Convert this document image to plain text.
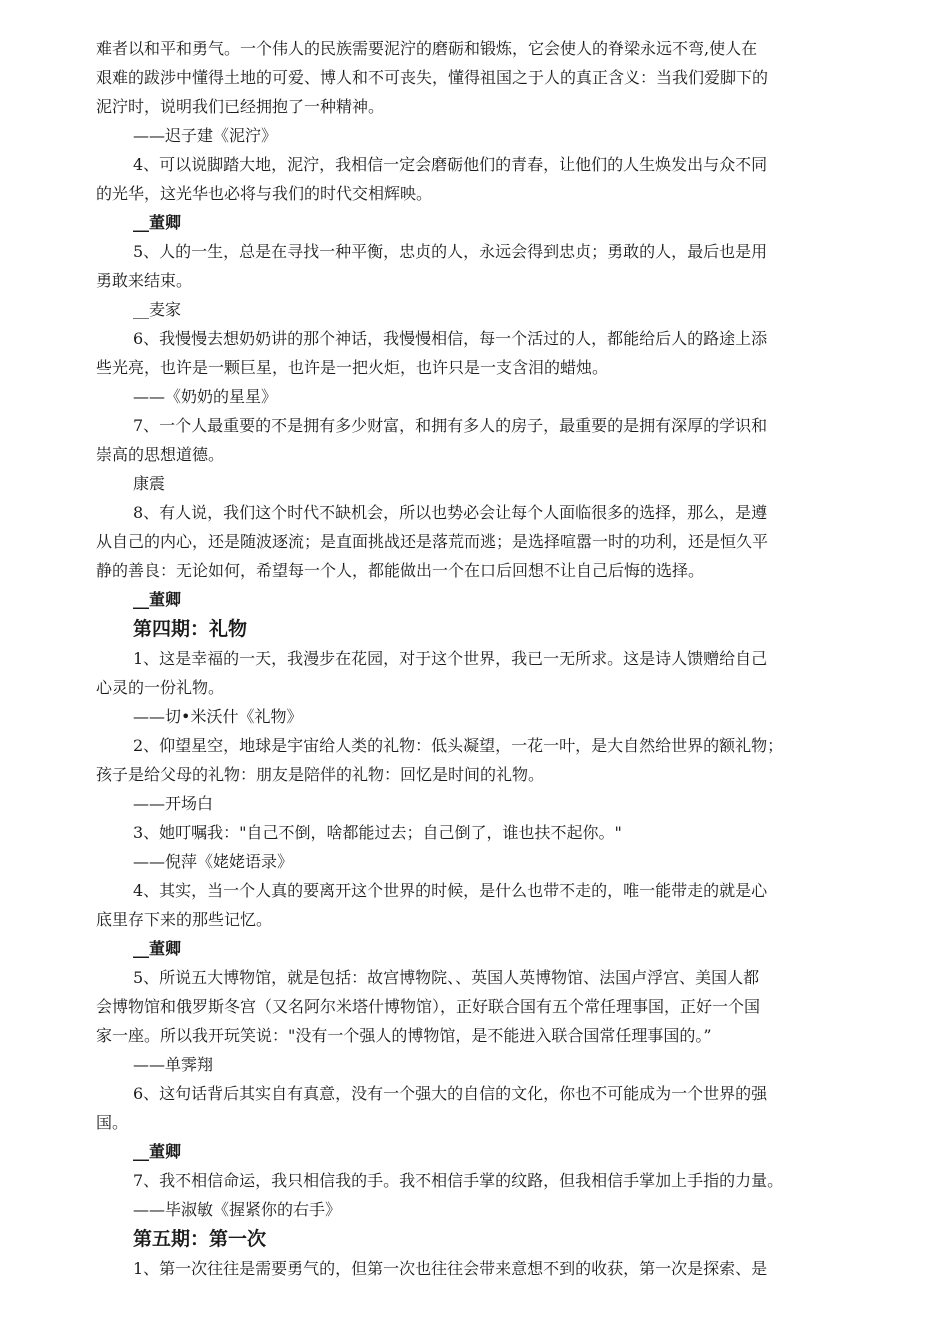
难者以和平和勇气。一个伟人的民族需要泥泞的磨砺和锻炼，它会使人的脊梁永远不弯,使人在
艰难的跋涉中懂得土地的可爱、博人和不可丧失，懂得祖国之于人的真正含义：当我们爱脚下的
泥泞时，说明我们已经拥抱了一种精神。
——迟子建《泥泞》
4、可以说脚踏大地，泥泞，我相信一定会磨砺他们的青春，让他们的人生焕发出与众不同
的光华，这光华也必将与我们的时代交相辉映。
__董卿
5、人的一生，总是在寻找一种平衡，忠贞的人，永远会得到忠贞；勇敢的人，最后也是用
勇敢来结束。
__麦家
6、我慢慢去想奶奶讲的那个神话，我慢慢相信，每一个活过的人，都能给后人的路途上添
些光亮，也许是一颗巨星，也许是一把火炬，也许只是一支含泪的蜡烛。
——《奶奶的星星》
7、一个人最重要的不是拥有多少财富，和拥有多人的房子，最重要的是拥有深厚的学识和
崇高的思想道德。
康震
8、有人说，我们这个时代不缺机会，所以也势必会让每个人面临很多的选择，那么，是遵
从自己的内心，还是随波逐流；是直面挑战还是落荒而逃；是选择喧嚣一时的功利，还是恒久平
静的善良：无论如何，希望每一个人，都能做出一个在口后回想不让自己后悔的选择。
__董卿
第四期：礼物
1、这是幸福的一天，我漫步在花园，对于这个世界，我已一无所求。这是诗人馈赠给自己
心灵的一份礼物。
——切•米沃什《礼物》
2、仰望星空，地球是宇宙给人类的礼物：低头凝望，一花一叶，是大自然给世界的额礼物；
孩子是给父母的礼物：朋友是陪伴的礼物：回忆是时间的礼物。
——开场白
3、她叮嘱我："自己不倒，啥都能过去；自己倒了，谁也扶不起你。"
——倪萍《姥姥语录》
4、其实，当一个人真的要离开这个世界的时候，是什么也带不走的，唯一能带走的就是心
底里存下来的那些记忆。
__董卿
5、所说五大博物馆，就是包括：故宫博物院、、英国人英博物馆、法国卢浮宫、美国人都
会博物馆和俄罗斯冬宫（又名阿尔米塔什博物馆），正好联合国有五个常任理事国，正好一个国
家一座。所以我开玩笑说："没有一个强人的博物馆，是不能进入联合国常任理事国的。”
——单霁翔
6、这句话背后其实自有真意，没有一个强大的自信的文化，你也不可能成为一个世界的强
国。
__董卿
7、我不相信命运，我只相信我的手。我不相信手掌的纹路，但我相信手掌加上手指的力量。
——毕淑敏《握紧你的右手》
第五期：第一次
1、第一次往往是需要勇气的，但第一次也往往会带来意想不到的收获，第一次是探索、是
